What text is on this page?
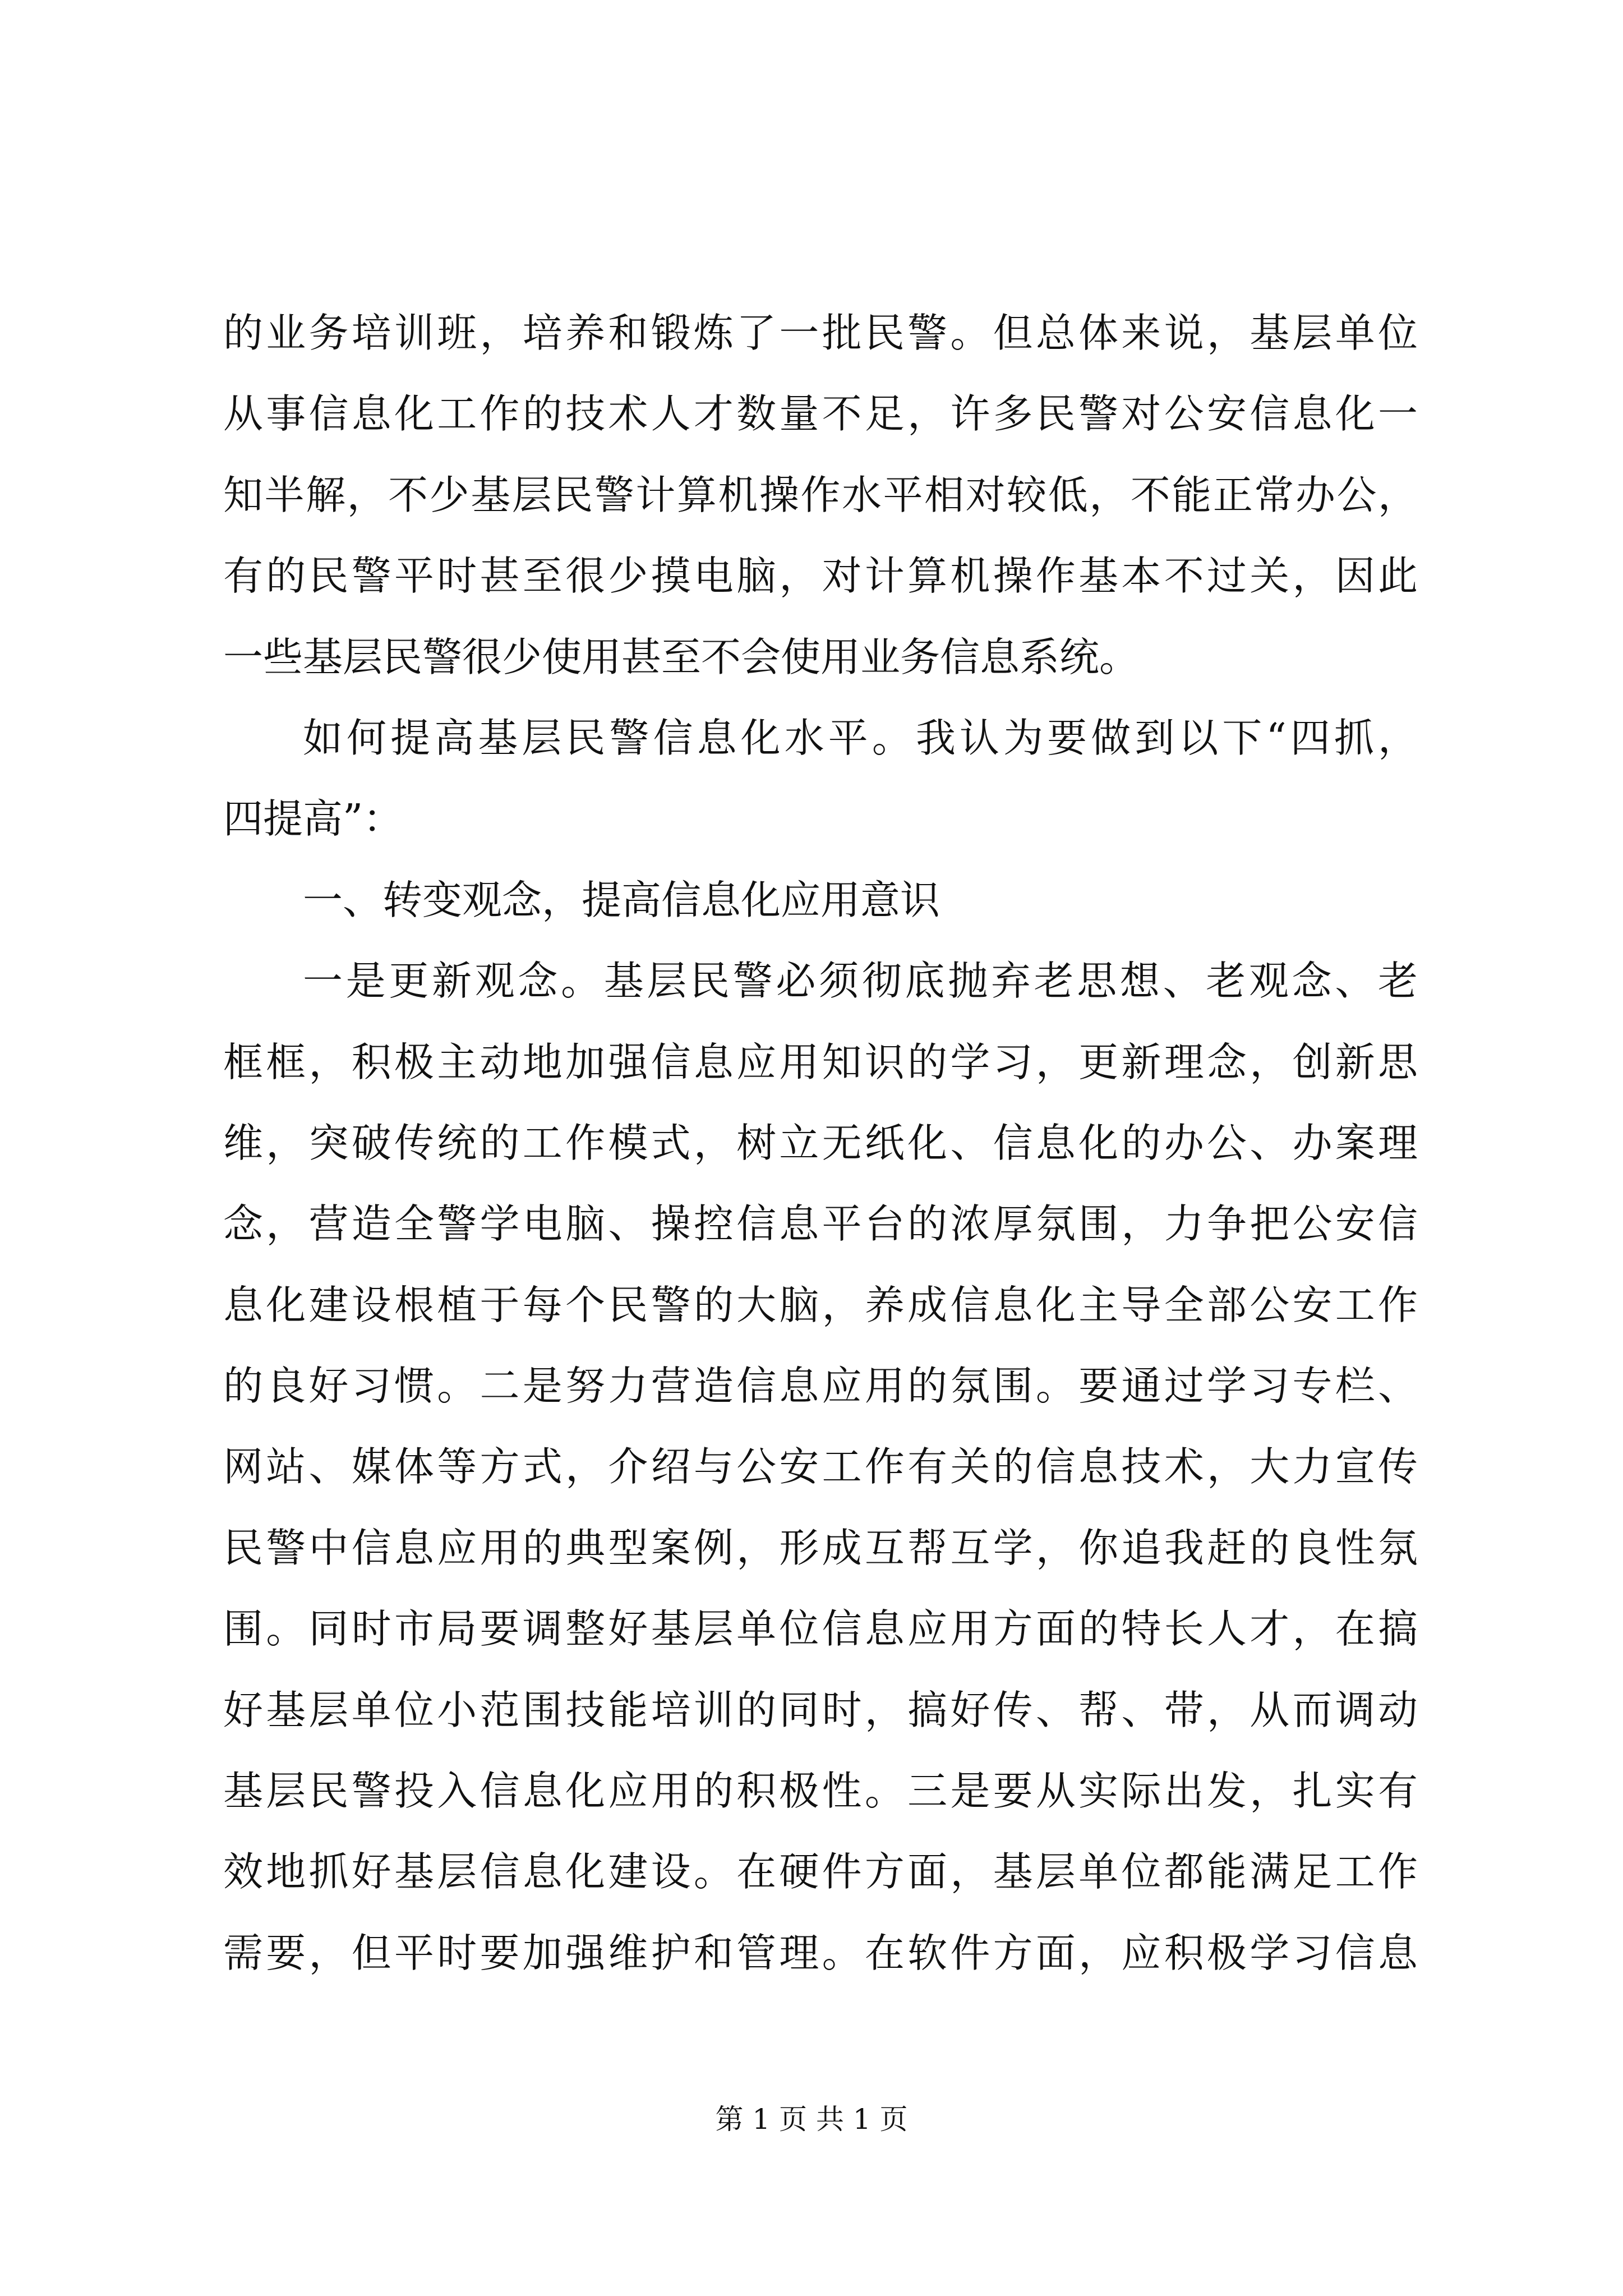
的业务培训班，培养和锻炼了一批民警。但总体来说，基层单位
从事信息化工作的技术人才数量不足，许多民警对公安信息化一
知半解，不少基层民警计算机操作水平相对较低，不能正常办公，
有的民警平时甚至很少摸电脑，对计算机操作基本不过关，因此
一些基层民警很少使用甚至不会使用业务信息系统。
如何提高基层民警信息化水平。我认为要做到以下“四抓，
四提高”：
一、转变观念，提高信息化应用意识
一是更新观念。基层民警必须彻底抛弃老思想、老观念、老
框框，积极主动地加强信息应用知识的学习，更新理念，创新思
维，突破传统的工作模式，树立无纸化、信息化的办公、办案理
念，营造全警学电脑、操控信息平台的浓厚氛围，力争把公安信
息化建设根植于每个民警的大脑，养成信息化主导全部公安工作
的良好习惯。二是努力营造信息应用的氛围。要通过学习专栏、
网站、媒体等方式，介绍与公安工作有关的信息技术，大力宣传
民警中信息应用的典型案例，形成互帮互学，你追我赶的良性氛
围。同时市局要调整好基层单位信息应用方面的特长人才，在搞
好基层单位小范围技能培训的同时，搞好传、帮、带，从而调动
基层民警投入信息化应用的积极性。三是要从实际出发，扎实有
效地抓好基层信息化建设。在硬件方面，基层单位都能满足工作
需要，但平时要加强维护和管理。在软件方面，应积极学习信息
第 1 页 共 1 页
